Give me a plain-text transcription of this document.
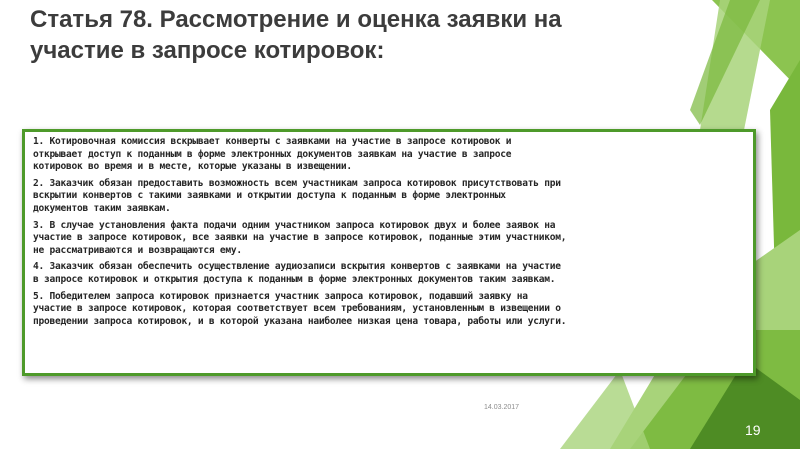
Статья 78. Рассмотрение и оценка заявки на
участие в запросе котировок:

1. Котировочная комиссия вскрывает конверты с заявками на участие в запросе котировок и
открывает доступ к поданным в форме электронных документов заявкам на участие в запросе
котировок во время и в месте, которые указаны в извещении.

2. Заказчик обязан предоставить возможность всем участникам запроса котировок присутствовать при
вскрытии конвертов с такими заявками и открытии доступа к поданным в форме электронных
документов таким заявкам.

3. В случае установления факта подачи одним участником запроса котировок двух и более заявок на
участие в запросе котировок, все заявки на участие в запросе котировок, поданные этим участником,
не рассматриваются и возвращаются ему.

4. Заказчик обязан обеспечить осуществление аудиозаписи вскрытия конвертов с заявками на участие
в запросе котировок и открытия доступа к поданным в форме электронных документов таким заявкам.

5. Победителем запроса котировок признается участник запроса котировок, подавший заявку на
участие в запросе котировок, которая соответствует всем требованиям, установленным в извещении о
проведении запроса котировок, и в которой указана наиболее низкая цена товара, работы или услуги.

14.03.2017
19
